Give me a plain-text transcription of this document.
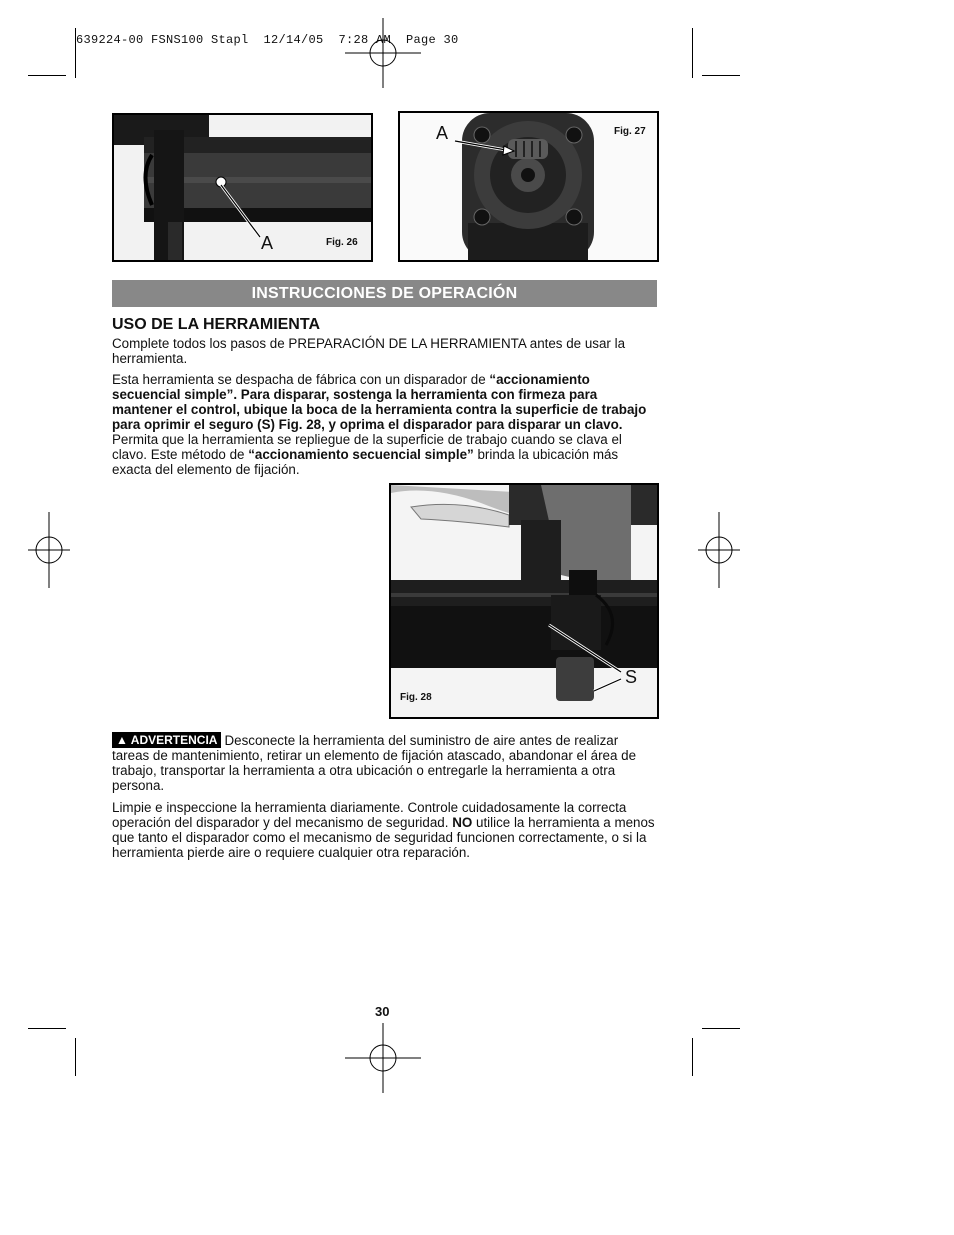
639224-00 FSNS100 Stapl  12/14/05  7:28 AM  Page 30
A	Fig. 26
A	Fig. 27
INSTRUCCIONES DE OPERACIÓN
USO DE LA HERRAMIENTA
Complete todos los pasos de PREPARACIÓN DE LA HERRAMIENTA antes de usar la herramienta.
Esta herramienta se despacha de fábrica con un disparador de “accionamiento secuencial simple”. Para disparar, sostenga la herramienta con firmeza para mantener el control, ubique la boca de la herramienta contra la superficie de trabajo para oprimir el seguro (S) Fig. 28, y oprima el disparador para disparar un clavo. Permita que la herramienta se repliegue de la superficie de trabajo cuando se clava el clavo. Este método de “accionamiento secuencial simple” brinda la ubicación más exacta del elemento de fijación.
S
Fig. 28
▲ ADVERTENCIA Desconecte la herramienta del suministro de aire antes de realizar tareas de mantenimiento, retirar un elemento de fijación atascado, abandonar el área de trabajo, transportar la herramienta a otra ubicación o entregarle la herramienta a otra persona.
Limpie e inspeccione la herramienta diariamente. Controle cuidadosamente la correcta operación del disparador y del mecanismo de seguridad. NO utilice la herramienta a menos que tanto el disparador como el mecanismo de seguridad funcionen correctamente, o si la herramienta pierde aire o requiere cualquier otra reparación.
30
